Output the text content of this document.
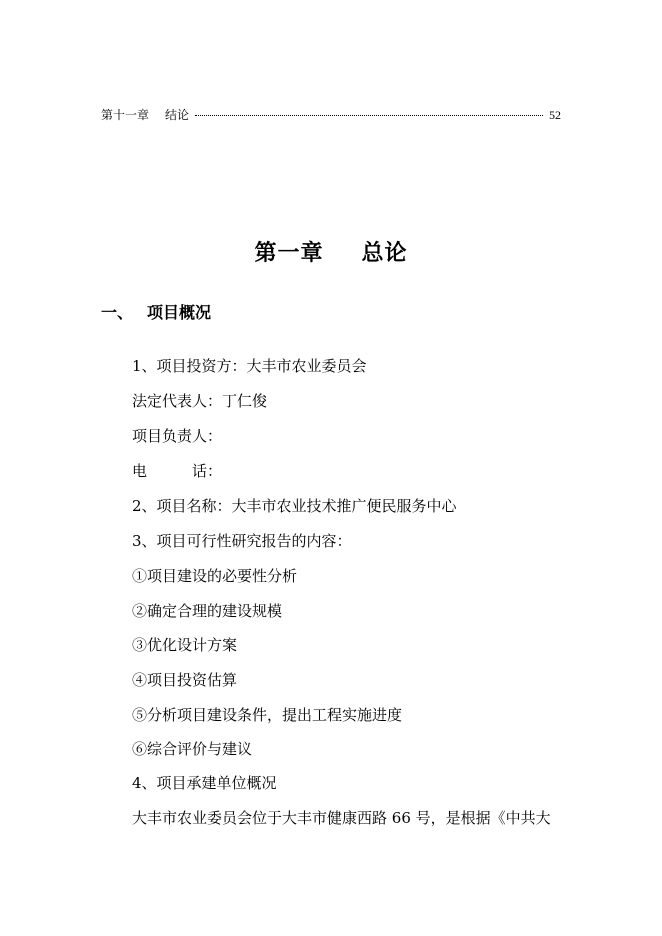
第十一章 结论	52
第一章 总论
一、 项目概况
1、项目投资方：大丰市农业委员会
法定代表人：丁仁俊
项目负责人：
电	话：
2、项目名称：大丰市农业技术推广便民服务中心
3、项目可行性研究报告的内容：
①项目建设的必要性分析
②确定合理的建设规模
③优化设计方案
④项目投资估算
⑤分析项目建设条件，提出工程实施进度
⑥综合评价与建议
4、项目承建单位概况
大丰市农业委员会位于大丰市健康西路 66 号，是根据《中共大
